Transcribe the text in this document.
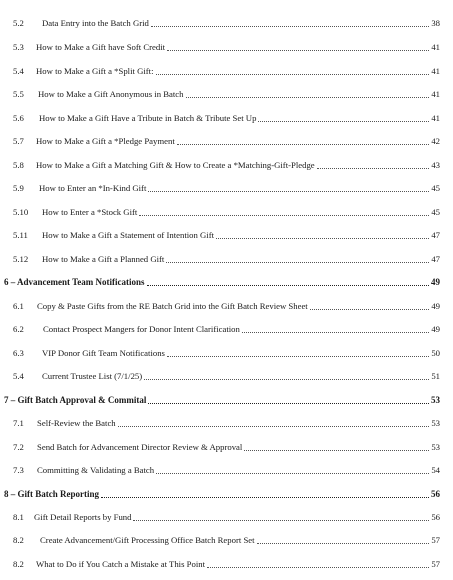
5.2 Data Entry into the Batch Grid	38
5.3 How to Make a Gift have Soft Credit	41
5.4 How to Make a Gift a *Split Gift:	41
5.5 How to Make a Gift Anonymous in Batch	41
5.6 How to Make a Gift Have a Tribute in Batch & Tribute Set Up	41
5.7 How to Make a Gift a *Pledge Payment	42
5.8 How to Make a Gift a Matching Gift & How to Create a *Matching-Gift-Pledge	43
5.9 How to Enter an *In-Kind Gift	45
5.10 How to Enter a *Stock Gift	45
5.11 How to Make a Gift a Statement of Intention Gift	47
5.12 How to Make a Gift a Planned Gift	47
6 – Advancement Team Notifications	49
6.1 Copy & Paste Gifts from the RE Batch Grid into the Gift Batch Review Sheet	49
6.2 Contact Prospect Mangers for Donor Intent Clarification	49
6.3 VIP Donor Gift Team Notifications	50
5.4 Current Trustee List (7/1/25)	51
7 – Gift Batch Approval & Commital	53
7.1 Self-Review the Batch	53
7.2 Send Batch for Advancement Director Review & Approval	53
7.3 Committing & Validating a Batch	54
8 – Gift Batch Reporting	56
8.1 Gift Detail Reports by Fund	56
8.2 Create Advancement/Gift Processing Office Batch Report Set	57
8.2 What to Do if You Catch a Mistake at This Point	57
